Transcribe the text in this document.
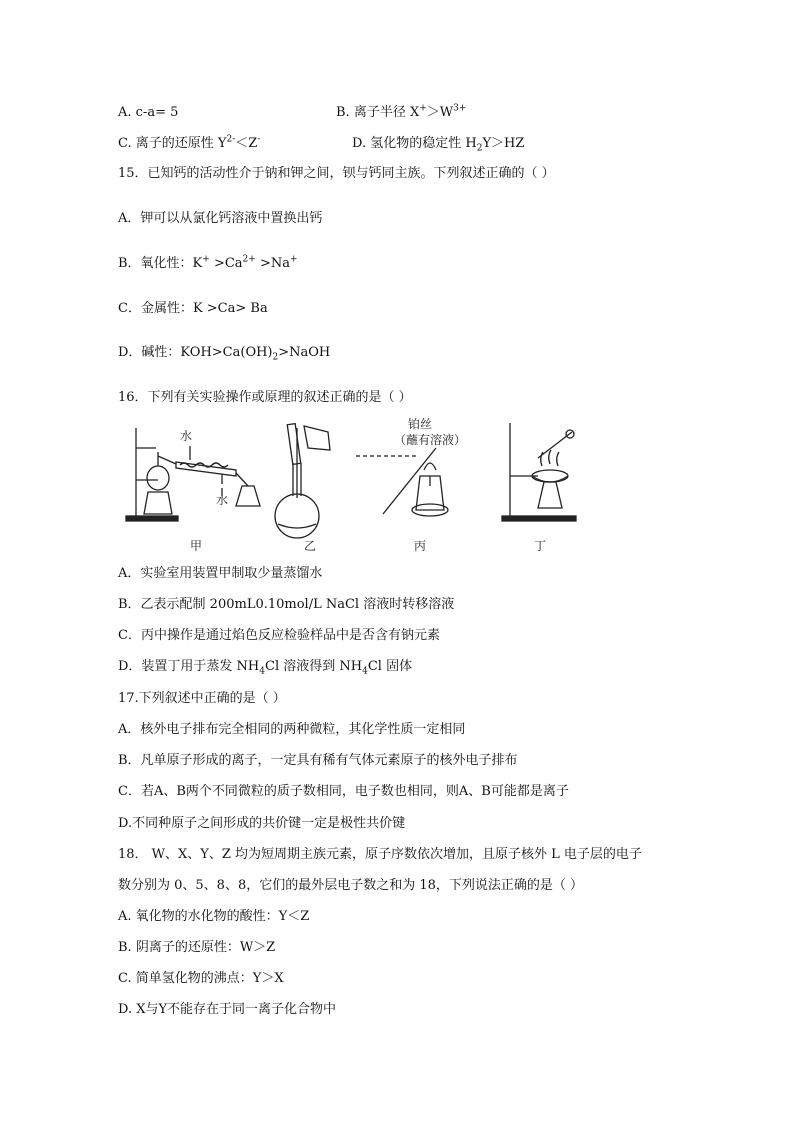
A. c-a= 5	B. 离子半径 $X^+>W^{3+}$
C. 离子的还原性 $Y^{2-}<Z^-$	D. 氢化物的稳定性 $H_2Y>HZ$
15．已知钙的活动性介于钠和钾之间，钡与钙同主族。下列叙述正确的（ ）
A．钾可以从氯化钙溶液中置换出钙
B．氧化性：$K^+ >Ca^{2+} >Na^+$
C．金属性：K >Ca> Ba
D．碱性：$KOH>Ca(OH)_2>NaOH$
16．下列有关实验操作或原理的叙述正确的是（ ）
水
水
铂丝
（蘸有溶液）
甲	乙	丙	丁
A．实验室用装置甲制取少量蒸馏水
B．乙表示配制 200mL0.10mol/L NaCl 溶液时转移溶液
C．丙中操作是通过焰色反应检验样品中是否含有钠元素
D．装置丁用于蒸发 $NH_4Cl$ 溶液得到 $NH_4Cl$ 固体
17.下列叙述中正确的是（ ）
A．核外电子排布完全相同的两种微粒，其化学性质一定相同
B．凡单原子形成的离子，一定具有稀有气体元素原子的核外电子排布
C．若A、B两个不同微粒的质子数相同，电子数也相同，则A、B可能都是离子
D.不同种原子之间形成的共价键一定是极性共价键
18． W、X、Y、Z 均为短周期主族元素，原子序数依次增加，且原子核外 L 电子层的电子
数分别为 0、5、8、8，它们的最外层电子数之和为 18，下列说法正确的是（ ）
A. 氧化物的水化物的酸性：Y＜Z
B. 阴离子的还原性：W＞Z
C. 简单氢化物的沸点：Y＞X
D. X与Y不能存在于同一离子化合物中
